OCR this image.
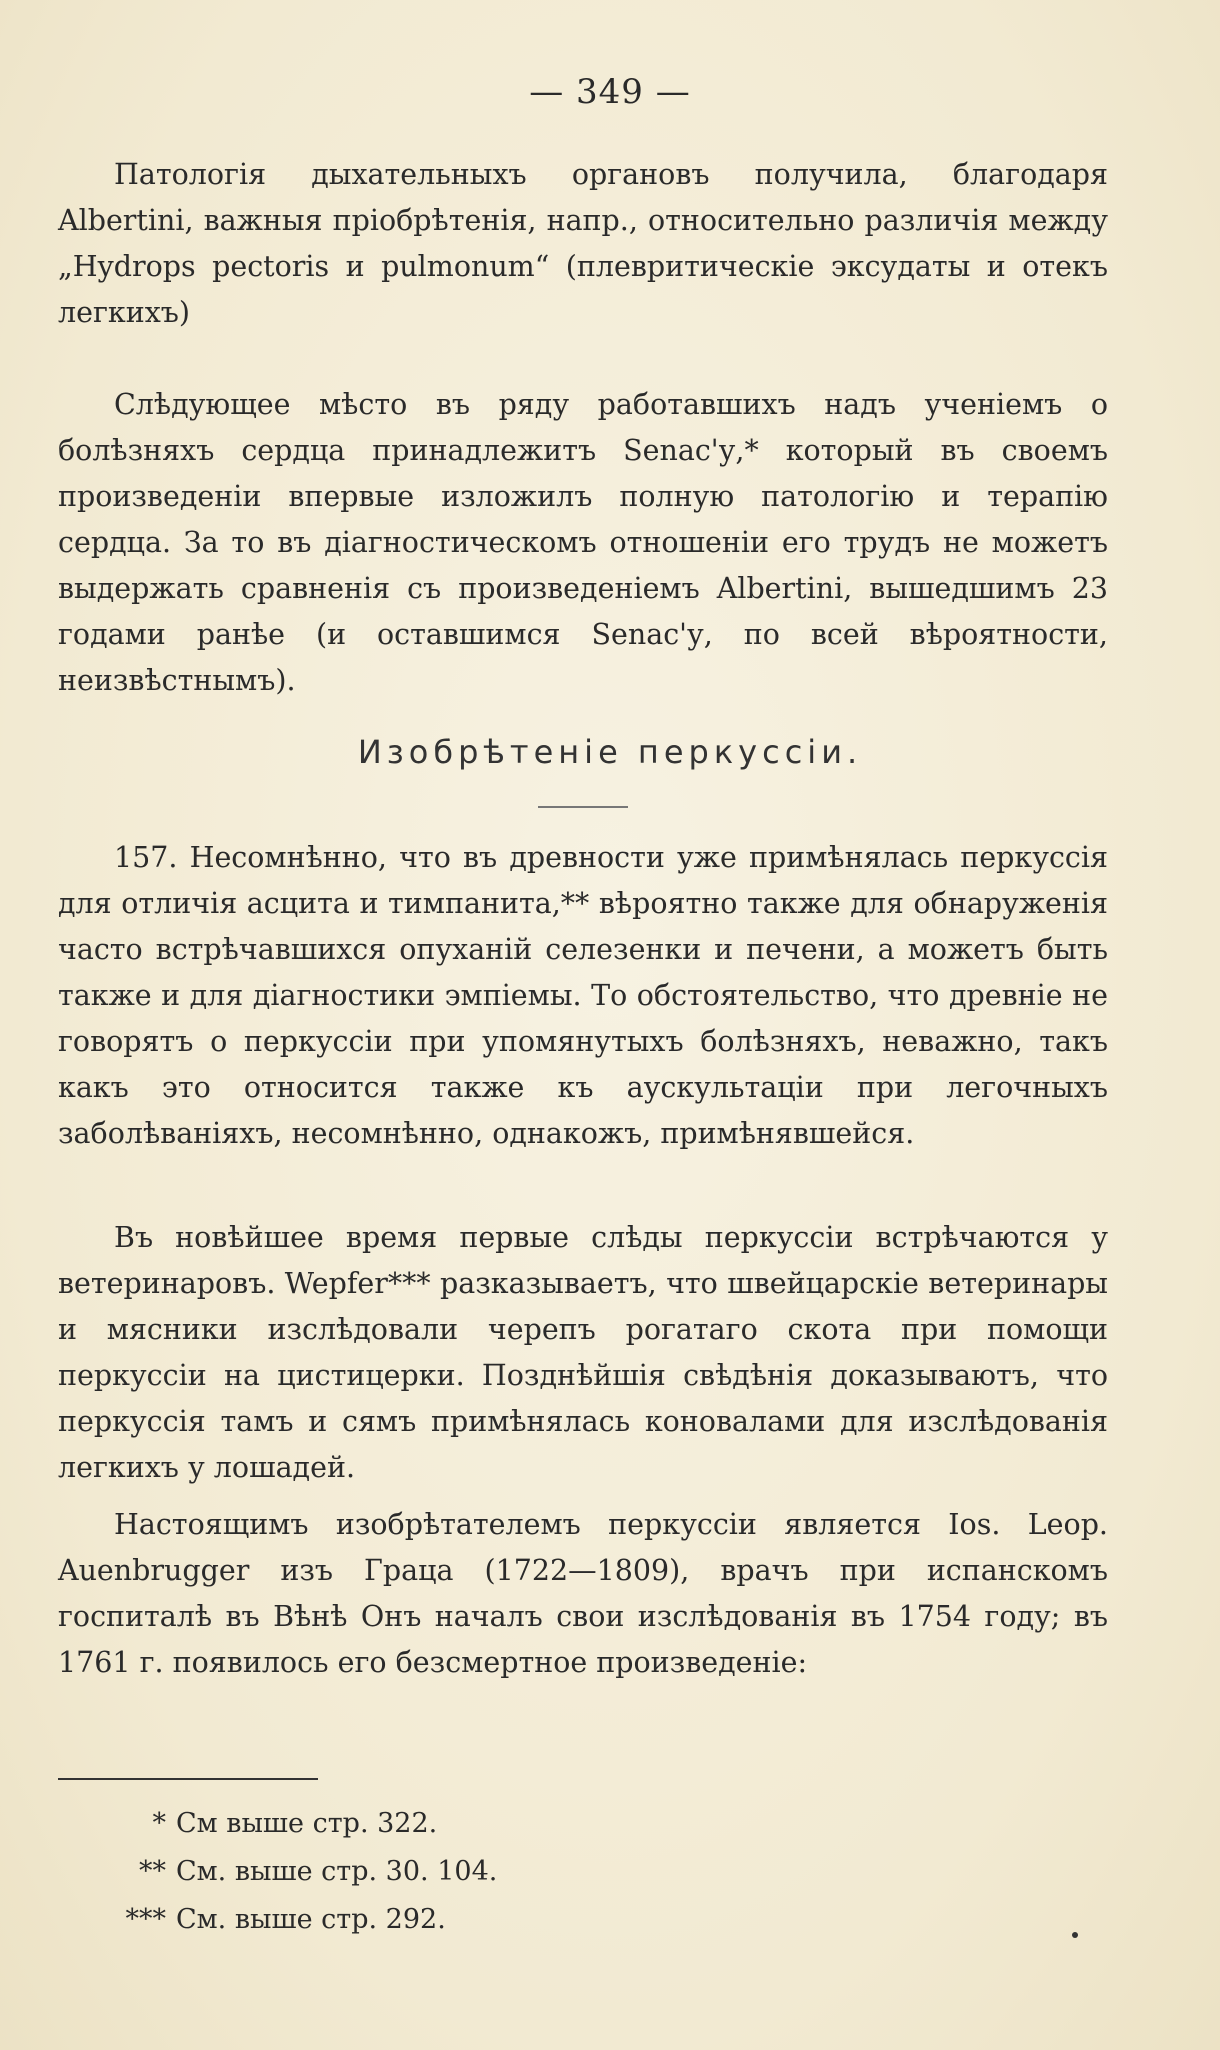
— 349 —

Патологія дыхательныхъ органовъ получила, благодаря Albertini, важныя пріобрѣтенія, напр., относительно различія между „Hydrops pectoris и pulmonum“ (плевритическіе эксудаты и отекъ легкихъ)

Слѣдующее мѣсто въ ряду работавшихъ надъ ученіемъ о болѣзняхъ сердца принадлежитъ Senac'у,* который въ своемъ произведеніи впервые изложилъ полную патологію и терапію сердца. За то въ діагностическомъ отношеніи его трудъ не можетъ выдержать сравненія съ произведеніемъ Albertini, вышедшимъ 23 годами ранѣе (и оставшимся Senac'у, по всей вѣроятности, неизвѣстнымъ).

Изобрѣтеніе перкуссіи.

157. Несомнѣнно, что въ древности уже примѣнялась перкуссія для отличія асцита и тимпанита,** вѣроятно также для обнаруженія часто встрѣчавшихся опуханій селезенки и печени, а можетъ быть также и для діагностики эмпіемы. То обстоятельство, что древніе не говорятъ о перкуссіи при упомянутыхъ болѣзняхъ, неважно, такъ какъ это относится также къ аускультаціи при легочныхъ заболѣваніяхъ, несомнѣнно, однакожъ, примѣнявшейся.

Въ новѣйшее время первые слѣды перкуссіи встрѣчаются у ветеринаровъ. Wepfer*** разказываетъ, что швейцарскіе ветеринары и мясники изслѣдовали черепъ рогатаго скота при помощи перкуссіи на цистицерки. Позднѣйшія свѣдѣнія доказываютъ, что перкуссія тамъ и сямъ примѣнялась коновалами для изслѣдованія легкихъ у лошадей.

Настоящимъ изобрѣтателемъ перкуссіи является Ios. Leop. Auenbrugger изъ Граца (1722—1809), врачъ при испанскомъ госпиталѣ въ Вѣнѣ Онъ началъ свои изслѣдованія въ 1754 году; въ 1761 г. появилось его безсмертное произведеніе:

* См выше стр. 322.
** См. выше стр. 30. 104.
*** См. выше стр. 292.
